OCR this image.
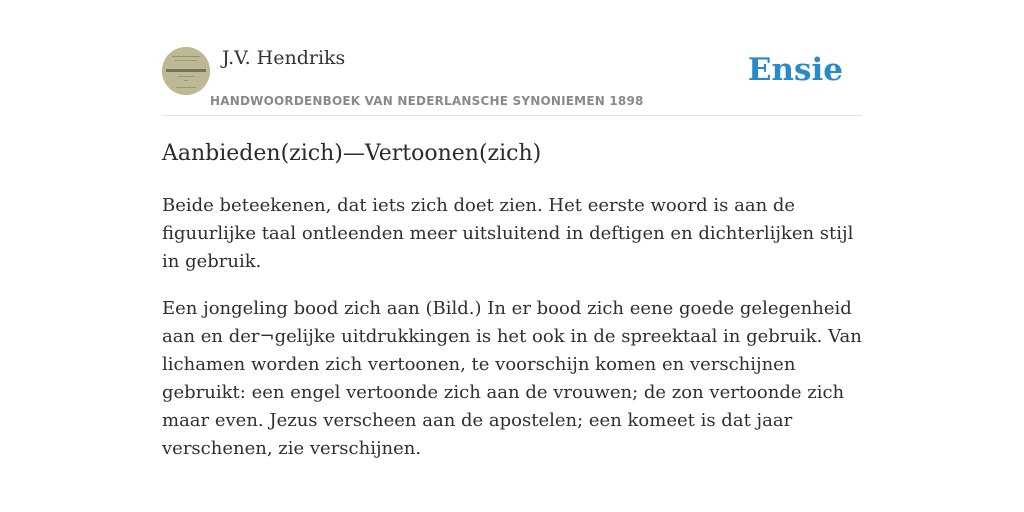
J.V. Hendriks
HANDWOORDENBOEK VAN NEDERLANSCHE SYNONIEMEN 1898
Ensie
Aanbieden(zich)—Vertoonen(zich)

Beide beteekenen, dat iets zich doet zien. Het eerste woord is aan de figuurlijke taal ontleenden meer uitsluitend in deftigen en dichterlijken stijl in gebruik.

Een jongeling bood zich aan (Bild.) In er bood zich eene goede gelegenheid aan en der¬gelijke uitdrukkingen is het ook in de spreektaal in gebruik. Van lichamen worden zich vertoonen, te voorschijn komen en verschijnen gebruikt: een engel vertoonde zich aan de vrouwen; de zon vertoonde zich maar even. Jezus verscheen aan de apostelen; een komeet is dat jaar verschenen, zie verschijnen.
